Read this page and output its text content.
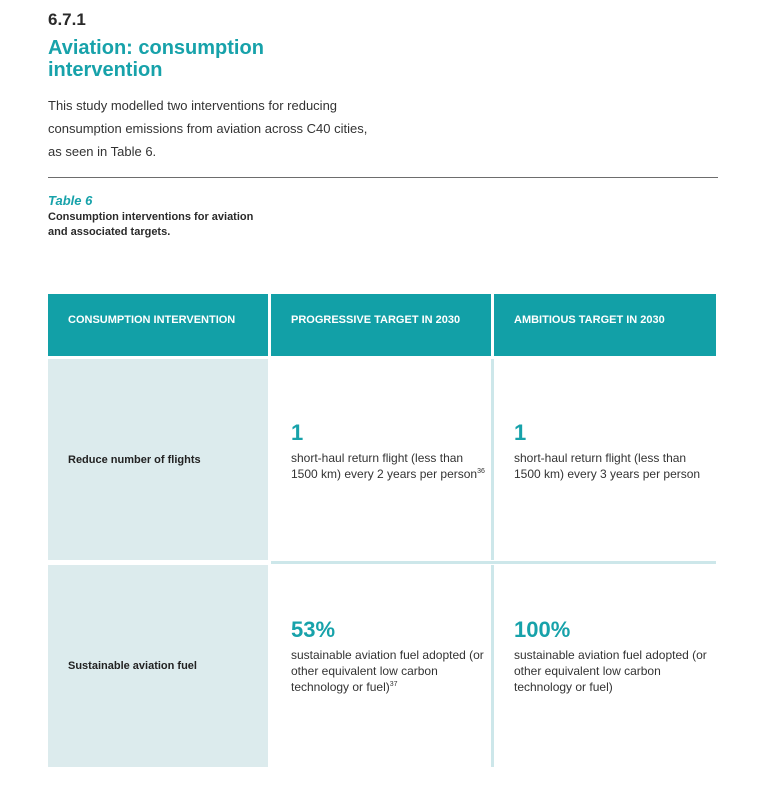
6.7.1
Aviation: consumption intervention
This study modelled two interventions for reducing consumption emissions from aviation across C40 cities, as seen in Table 6.
Table 6
Consumption interventions for aviation and associated targets.
CONSUMPTION INTERVENTION	PROGRESSIVE TARGET IN 2030	AMBITIOUS TARGET IN 2030
Reduce number of flights
Sustainable aviation fuel
1
short-haul return flight (less than 1500 km) every 2 years per person$^{36}$
1
short-haul return flight (less than 1500 km) every 3 years per person
53%
sustainable aviation fuel adopted (or other equivalent low carbon technology or fuel)$^{37}$
100%
sustainable aviation fuel adopted (or other equivalent low carbon technology or fuel)
